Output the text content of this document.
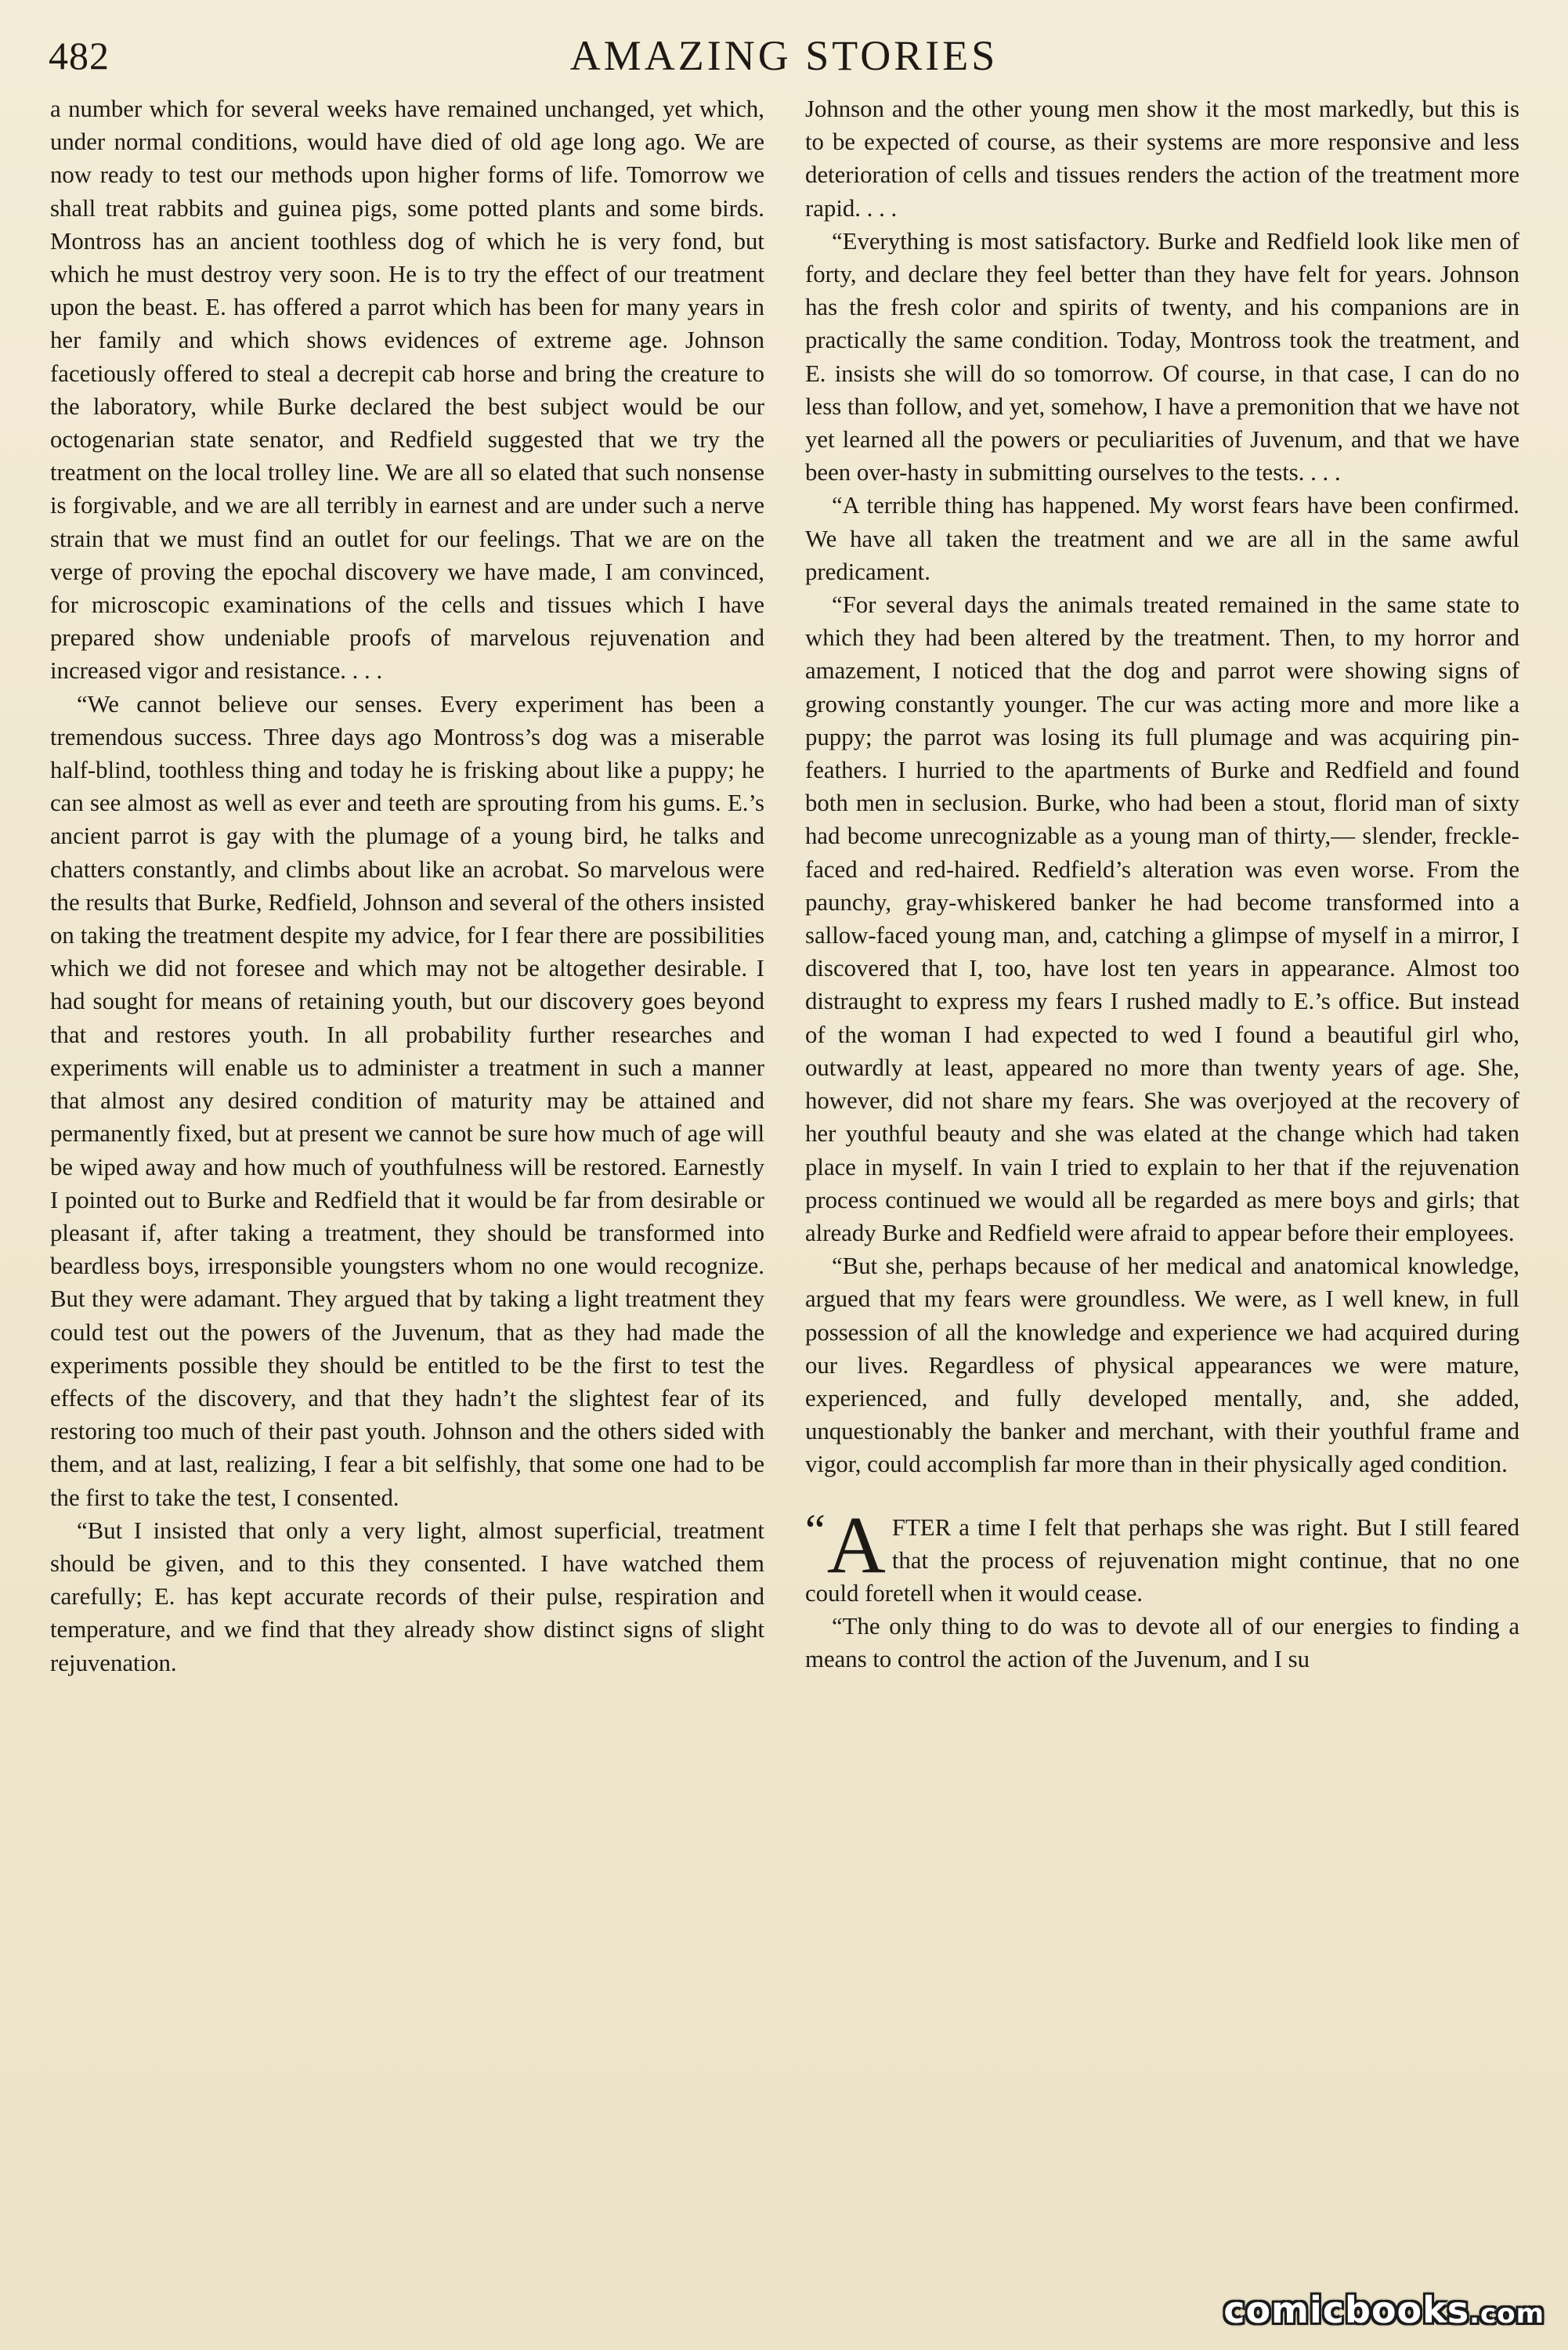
482	AMAZING STORIES

a number which for several weeks have remained unchanged, yet which, under normal conditions, would have died of old age long ago. We are now ready to test our methods upon higher forms of life. Tomorrow we shall treat rabbits and guinea pigs, some potted plants and some birds. Montross has an ancient toothless dog of which he is very fond, but which he must destroy very soon. He is to try the effect of our treatment upon the beast. E. has offered a parrot which has been for many years in her family and which shows evidences of extreme age. Johnson facetiously offered to steal a decrepit cab horse and bring the creature to the laboratory, while Burke declared the best subject would be our octogenarian state senator, and Redfield suggested that we try the treatment on the local trolley line. We are all so elated that such nonsense is forgivable, and we are all terribly in earnest and are under such a nerve strain that we must find an outlet for our feelings. That we are on the verge of proving the epochal discovery we have made, I am convinced, for microscopic examinations of the cells and tissues which I have prepared show undeniable proofs of marvelous rejuvenation and increased vigor and resistance. . . .

“We cannot believe our senses. Every experiment has been a tremendous success. Three days ago Montross’s dog was a miserable half-blind, toothless thing and today he is frisking about like a puppy; he can see almost as well as ever and teeth are sprouting from his gums. E.’s ancient parrot is gay with the plumage of a young bird, he talks and chatters constantly, and climbs about like an acrobat. So marvelous were the results that Burke, Redfield, Johnson and several of the others insisted on taking the treatment despite my advice, for I fear there are possibilities which we did not foresee and which may not be altogether desirable. I had sought for means of retaining youth, but our discovery goes beyond that and restores youth. In all probability further researches and experiments will enable us to administer a treatment in such a manner that almost any desired condition of maturity may be attained and permanently fixed, but at present we cannot be sure how much of age will be wiped away and how much of youthfulness will be restored. Earnestly I pointed out to Burke and Redfield that it would be far from desirable or pleasant if, after taking a treatment, they should be transformed into beardless boys, irresponsible youngsters whom no one would recognize. But they were adamant. They argued that by taking a light treatment they could test out the powers of the Juvenum, that as they had made the experiments possible they should be entitled to be the first to test the effects of the discovery, and that they hadn’t the slightest fear of its restoring too much of their past youth. Johnson and the others sided with them, and at last, realizing, I fear a bit selfishly, that some one had to be the first to take the test, I consented.

“But I insisted that only a very light, almost superficial, treatment should be given, and to this they consented. I have watched them carefully; E. has kept accurate records of their pulse, respiration and temperature, and we find that they already show distinct signs of slight rejuvenation.

Johnson and the other young men show it the most markedly, but this is to be expected of course, as their systems are more responsive and less deterioration of cells and tissues renders the action of the treatment more rapid. . . .

“Everything is most satisfactory. Burke and Redfield look like men of forty, and declare they feel better than they have felt for years. Johnson has the fresh color and spirits of twenty, and his companions are in practically the same condition. Today, Montross took the treatment, and E. insists she will do so tomorrow. Of course, in that case, I can do no less than follow, and yet, somehow, I have a premonition that we have not yet learned all the powers or peculiarities of Juvenum, and that we have been over-hasty in submitting ourselves to the tests. . . .

“A terrible thing has happened. My worst fears have been confirmed. We have all taken the treatment and we are all in the same awful predicament.

“For several days the animals treated remained in the same state to which they had been altered by the treatment. Then, to my horror and amazement, I noticed that the dog and parrot were showing signs of growing constantly younger. The cur was acting more and more like a puppy; the parrot was losing its full plumage and was acquiring pin-feathers. I hurried to the apartments of Burke and Redfield and found both men in seclusion. Burke, who had been a stout, florid man of sixty had become unrecognizable as a young man of thirty,— slender, freckle-faced and red-haired. Redfield’s alteration was even worse. From the paunchy, gray-whiskered banker he had become transformed into a sallow-faced young man, and, catching a glimpse of myself in a mirror, I discovered that I, too, have lost ten years in appearance. Almost too distraught to express my fears I rushed madly to E.’s office. But instead of the woman I had expected to wed I found a beautiful girl who, outwardly at least, appeared no more than twenty years of age. She, however, did not share my fears. She was overjoyed at the recovery of her youthful beauty and she was elated at the change which had taken place in myself. In vain I tried to explain to her that if the rejuvenation process continued we would all be regarded as mere boys and girls; that already Burke and Redfield were afraid to appear before their employees.

“But she, perhaps because of her medical and anatomical knowledge, argued that my fears were groundless. We were, as I well knew, in full possession of all the knowledge and experience we had acquired during our lives. Regardless of physical appearances we were mature, experienced, and fully developed mentally, and, she added, unquestionably the banker and merchant, with their youthful frame and vigor, could accomplish far more than in their physically aged condition.

“ A FTER a time I felt that perhaps she was right. But I still feared that the process of rejuvenation might continue, that no one could foretell when it would cease.

“The only thing to do was to devote all of our energies to finding a means to control the action of the Juvenum, and I su

comicbooks.com
